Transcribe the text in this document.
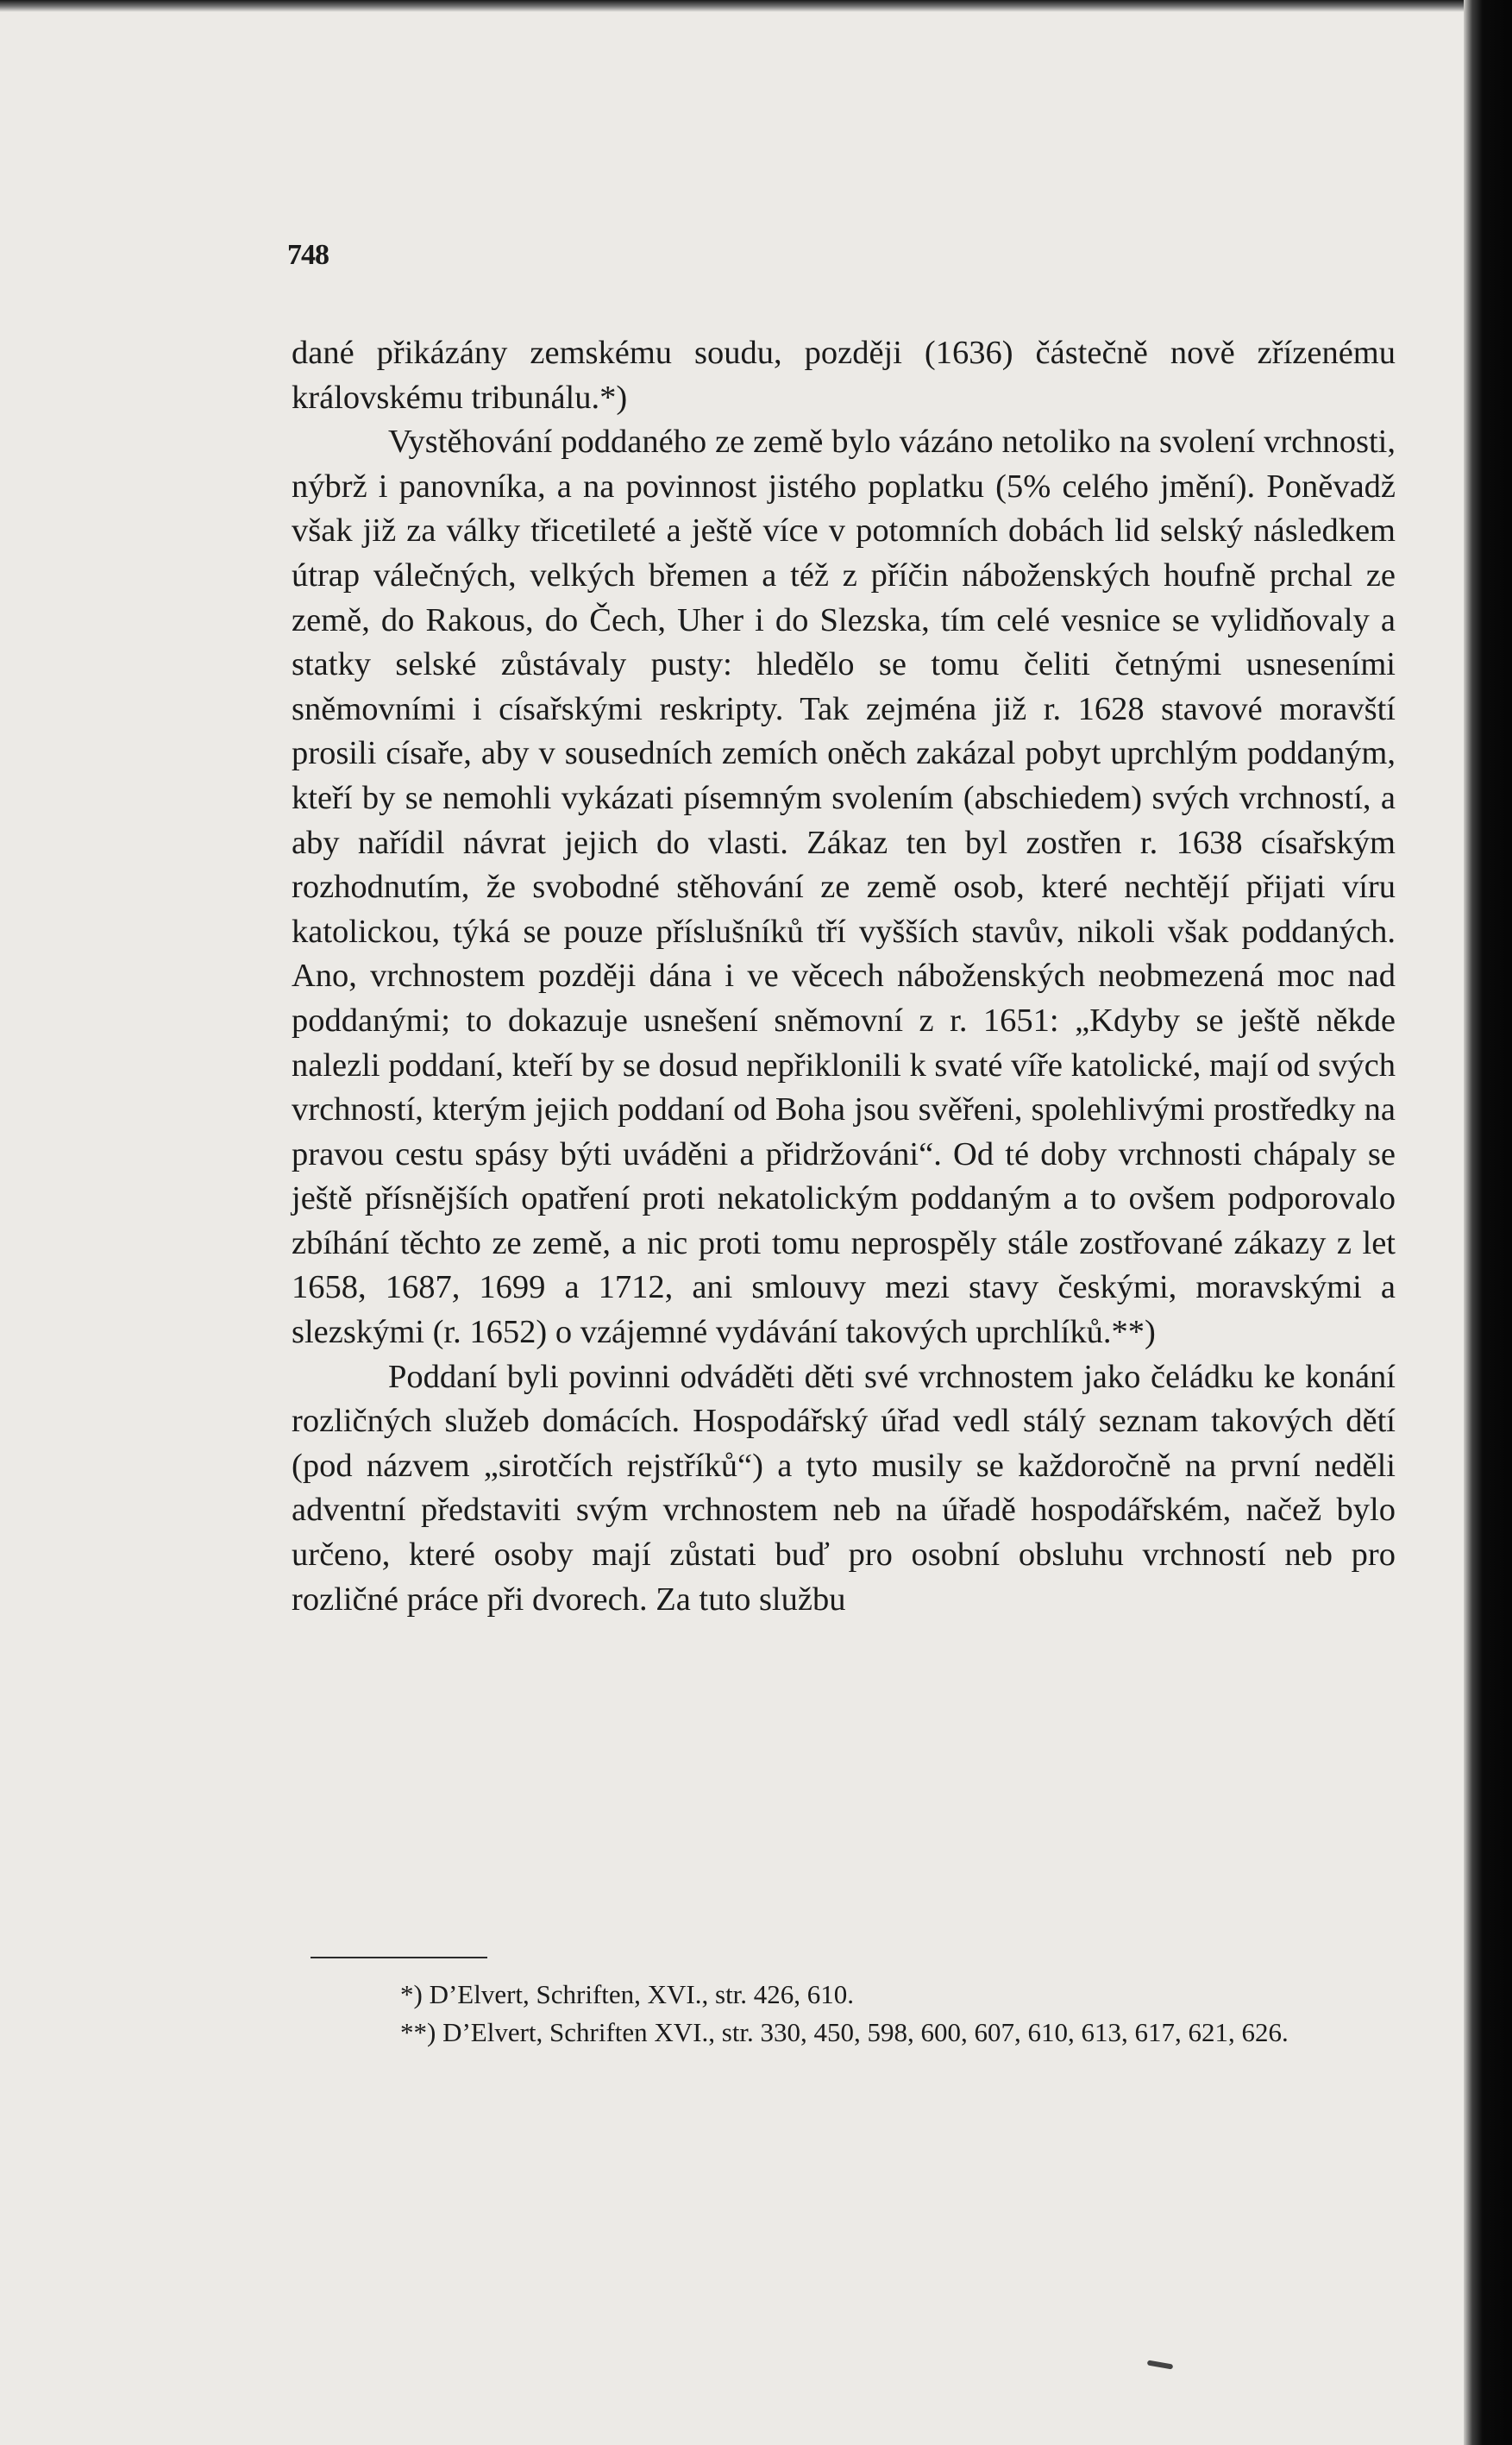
748

dané přikázány zemskému soudu, později (1636) částečně nově zřízenému královskému tribunálu.*)

Vystěhování poddaného ze země bylo vázáno netoliko na svolení vrchnosti, nýbrž i panovníka, a na povinnost jistého poplatku (5% celého jmění). Poněvadž však již za války třicetileté a ještě více v potomních dobách lid selský následkem útrap válečných, velkých břemen a též z příčin náboženských houfně prchal ze země, do Rakous, do Čech, Uher i do Slezska, tím celé vesnice se vylidňovaly a statky selské zůstávaly pusty: hledělo se tomu čeliti četnými usneseními sněmovními i císařskými reskripty. Tak zejména již r. 1628 stavové moravští prosili císaře, aby v sousedních zemích oněch zakázal pobyt uprchlým poddaným, kteří by se nemohli vykázati písemným svolením (abschiedem) svých vrchností, a aby nařídil návrat jejich do vlasti. Zákaz ten byl zostřen r. 1638 císařským rozhodnutím, že svobodné stěhování ze země osob, které nechtějí přijati víru katolickou, týká se pouze příslušníků tří vyšších stavův, nikoli však poddaných. Ano, vrchnostem později dána i ve věcech náboženských neobmezená moc nad poddanými; to dokazuje usnešení sněmovní z r. 1651: „Kdyby se ještě někde nalezli poddaní, kteří by se dosud nepřiklonili k svaté víře katolické, mají od svých vrchností, kterým jejich poddaní od Boha jsou svěřeni, spolehlivými prostředky na pravou cestu spásy býti uváděni a přidržováni“. Od té doby vrchnosti chápaly se ještě přísnějších opatření proti nekatolickým poddaným a to ovšem podporovalo zbíhání těchto ze země, a nic proti tomu neprospěly stále zostřované zákazy z let 1658, 1687, 1699 a 1712, ani smlouvy mezi stavy českými, moravskými a slezskými (r. 1652) o vzájemné vydávání takových uprchlíků.**)

Poddaní byli povinni odváděti děti své vrchnostem jako čeládku ke konání rozličných služeb domácích. Hospodářský úřad vedl stálý seznam takových dětí (pod názvem „sirotčích rejstříků“) a tyto musily se každoročně na první neděli adventní představiti svým vrchnostem neb na úřadě hospodářském, načež bylo určeno, které osoby mají zůstati buď pro osobní obsluhu vrchností neb pro rozličné práce při dvorech. Za tuto službu

*) D’Elvert, Schriften, XVI., str. 426, 610.

**) D’Elvert, Schriften XVI., str. 330, 450, 598, 600, 607, 610, 613, 617, 621, 626.
